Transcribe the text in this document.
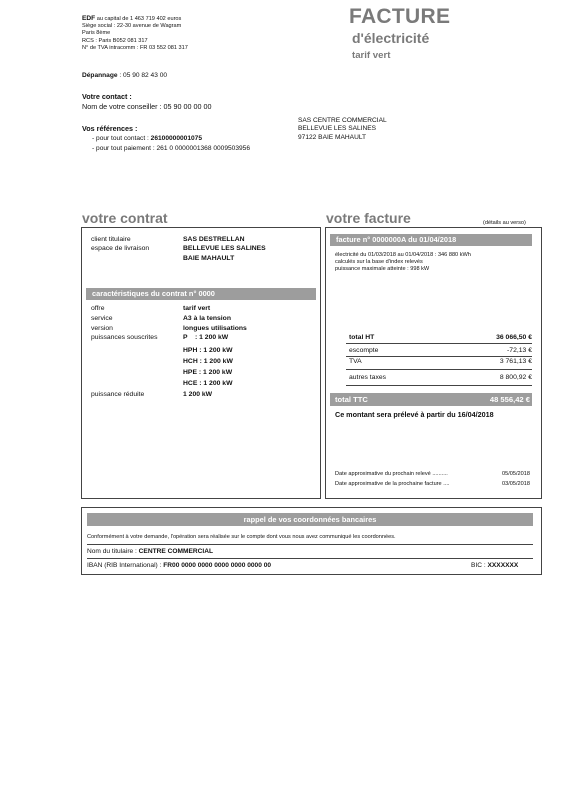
EDF au capital de 1 463 719 402 euros
Siège social : 22-30 avenue de Wagram
Paris 8ème
RCS : Paris B052 081 317
N° de TVA intracomm : FR 03 552 081 317
FACTURE
d'électricité
tarif vert
Dépannage : 05 90 82 43 00
Votre contact :
Nom de votre conseiller : 05 90 00 00 00
Vos références :
- pour tout contact : 26100000001075
- pour tout paiement : 261 0 0000001368 0009503956
SAS CENTRE COMMERCIAL
BELLEVUE LES SALINES
97122 BAIE MAHAULT
votre contrat	votre facture	(détails au verso)
client titulaire	SAS DESTRELLAN
espace de livraison	BELLEVUE LES SALINES
BAIE MAHAULT
caractéristiques du contrat n° 0000
offre	tarif vert
service	A3 à la tension
version	longues utilisations
puissances souscrites	P    : 1 200 kW
HPH : 1 200 kW
HCH : 1 200 kW
HPE : 1 200 kW
HCE : 1 200 kW
puissance réduite	1 200 kW
facture n° 0000000A du 01/04/2018
électricité du 01/03/2018 au 01/04/2018 : 346 880 kWh
calculés sur la base d'index relevés
puissance maximale atteinte : 998 kW
total HT	36 066,50 €
escompte	-72,13 €
TVA	3 761,13 €
autres taxes	8 800,92 €
total TTC	48 556,42 €
Ce montant sera prélevé à partir du 16/04/2018
Date approximative du prochain relevé ..........	05/05/2018
Date approximative de la prochaine facture ....	03/05/2018
rappel de vos coordonnées bancaires
Conformément à votre demande, l'opération sera réalisée sur le compte dont vous nous avez communiqué les coordonnées.
Nom du titulaire : CENTRE COMMERCIAL
IBAN (RIB International) : FR00 0000 0000 0000 0000 0000 00	BIC : XXXXXXX
